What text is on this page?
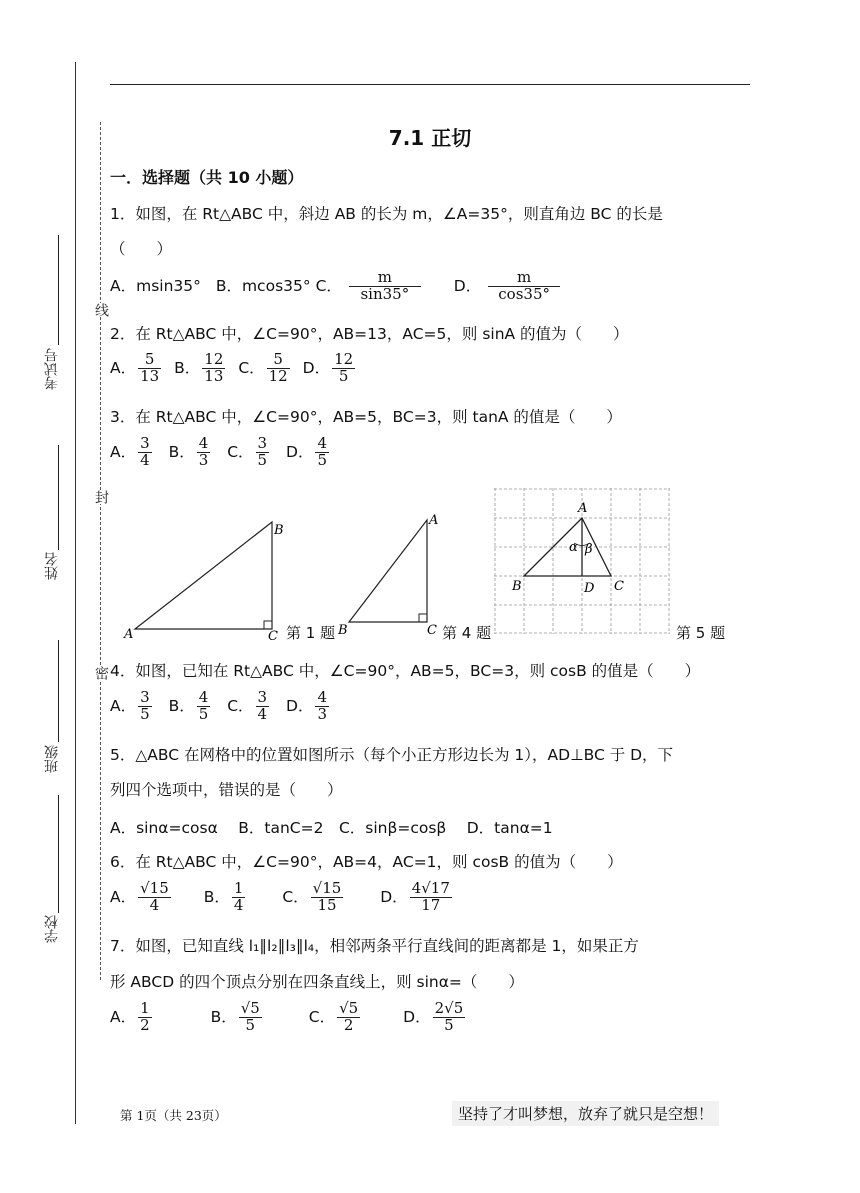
考试号
姓名
班级
学校
线
封
密
7.1 正切
一．选择题（共 10 小题）
1．如图，在 Rt△ABC 中，斜边 AB 的长为 m，∠A=35°，则直角边 BC 的长是
（　　）
A．msin35° B．mcos35° C． $\frac{m}{\sin 35^\circ}$ D． $\frac{m}{\cos 35^\circ}$
2．在 Rt△ABC 中，∠C=90°，AB=13，AC=5，则 sinA 的值为（　　）
A． $\frac{5}{13}$ B． $\frac{12}{13}$ C． $\frac{5}{12}$ D． $\frac{12}{5}$
3．在 Rt△ABC 中，∠C=90°，AB=5，BC=3，则 tanA 的值是（　　）
A． $\frac{3}{4}$ B． $\frac{4}{3}$ C． $\frac{3}{5}$ D． $\frac{4}{5}$
A
B
C 第 1 题
A
B	C 第 4 题
A
B	C
D
α β
第 5 题
4．如图，已知在 Rt△ABC 中，∠C=90°，AB=5，BC=3，则 cosB 的值是（　　）
A． $\frac{3}{5}$ B． $\frac{4}{5}$ C． $\frac{3}{4}$ D． $\frac{4}{3}$
5．△ABC 在网格中的位置如图所示（每个小正方形边长为 1），AD⊥BC 于 D，下
列四个选项中，错误的是（　　）
A．sinα=cosα　 B．tanC=2　C．sinβ=cosβ　 D．tanα=1
6．在 Rt△ABC 中，∠C=90°，AB=4，AC=1，则 cosB 的值为（　　）
A． $\frac{√15}{4}$ B． $\frac{1}{4}$ C． $\frac{√15}{15}$ D． $\frac{4√17}{17}$
7．如图，已知直线 l₁∥l₂∥l₃∥l₄，相邻两条平行直线间的距离都是 1，如果正方
形 ABCD 的四个顶点分别在四条直线上，则 sinα=（　　）
A． $\frac{1}{2}$	B． $\frac{√5}{5}$	C． $\frac{√5}{2}$	D． $\frac{2√5}{5}$
第 1页（共 23页）	坚持了才叫梦想，放弃了就只是空想！
